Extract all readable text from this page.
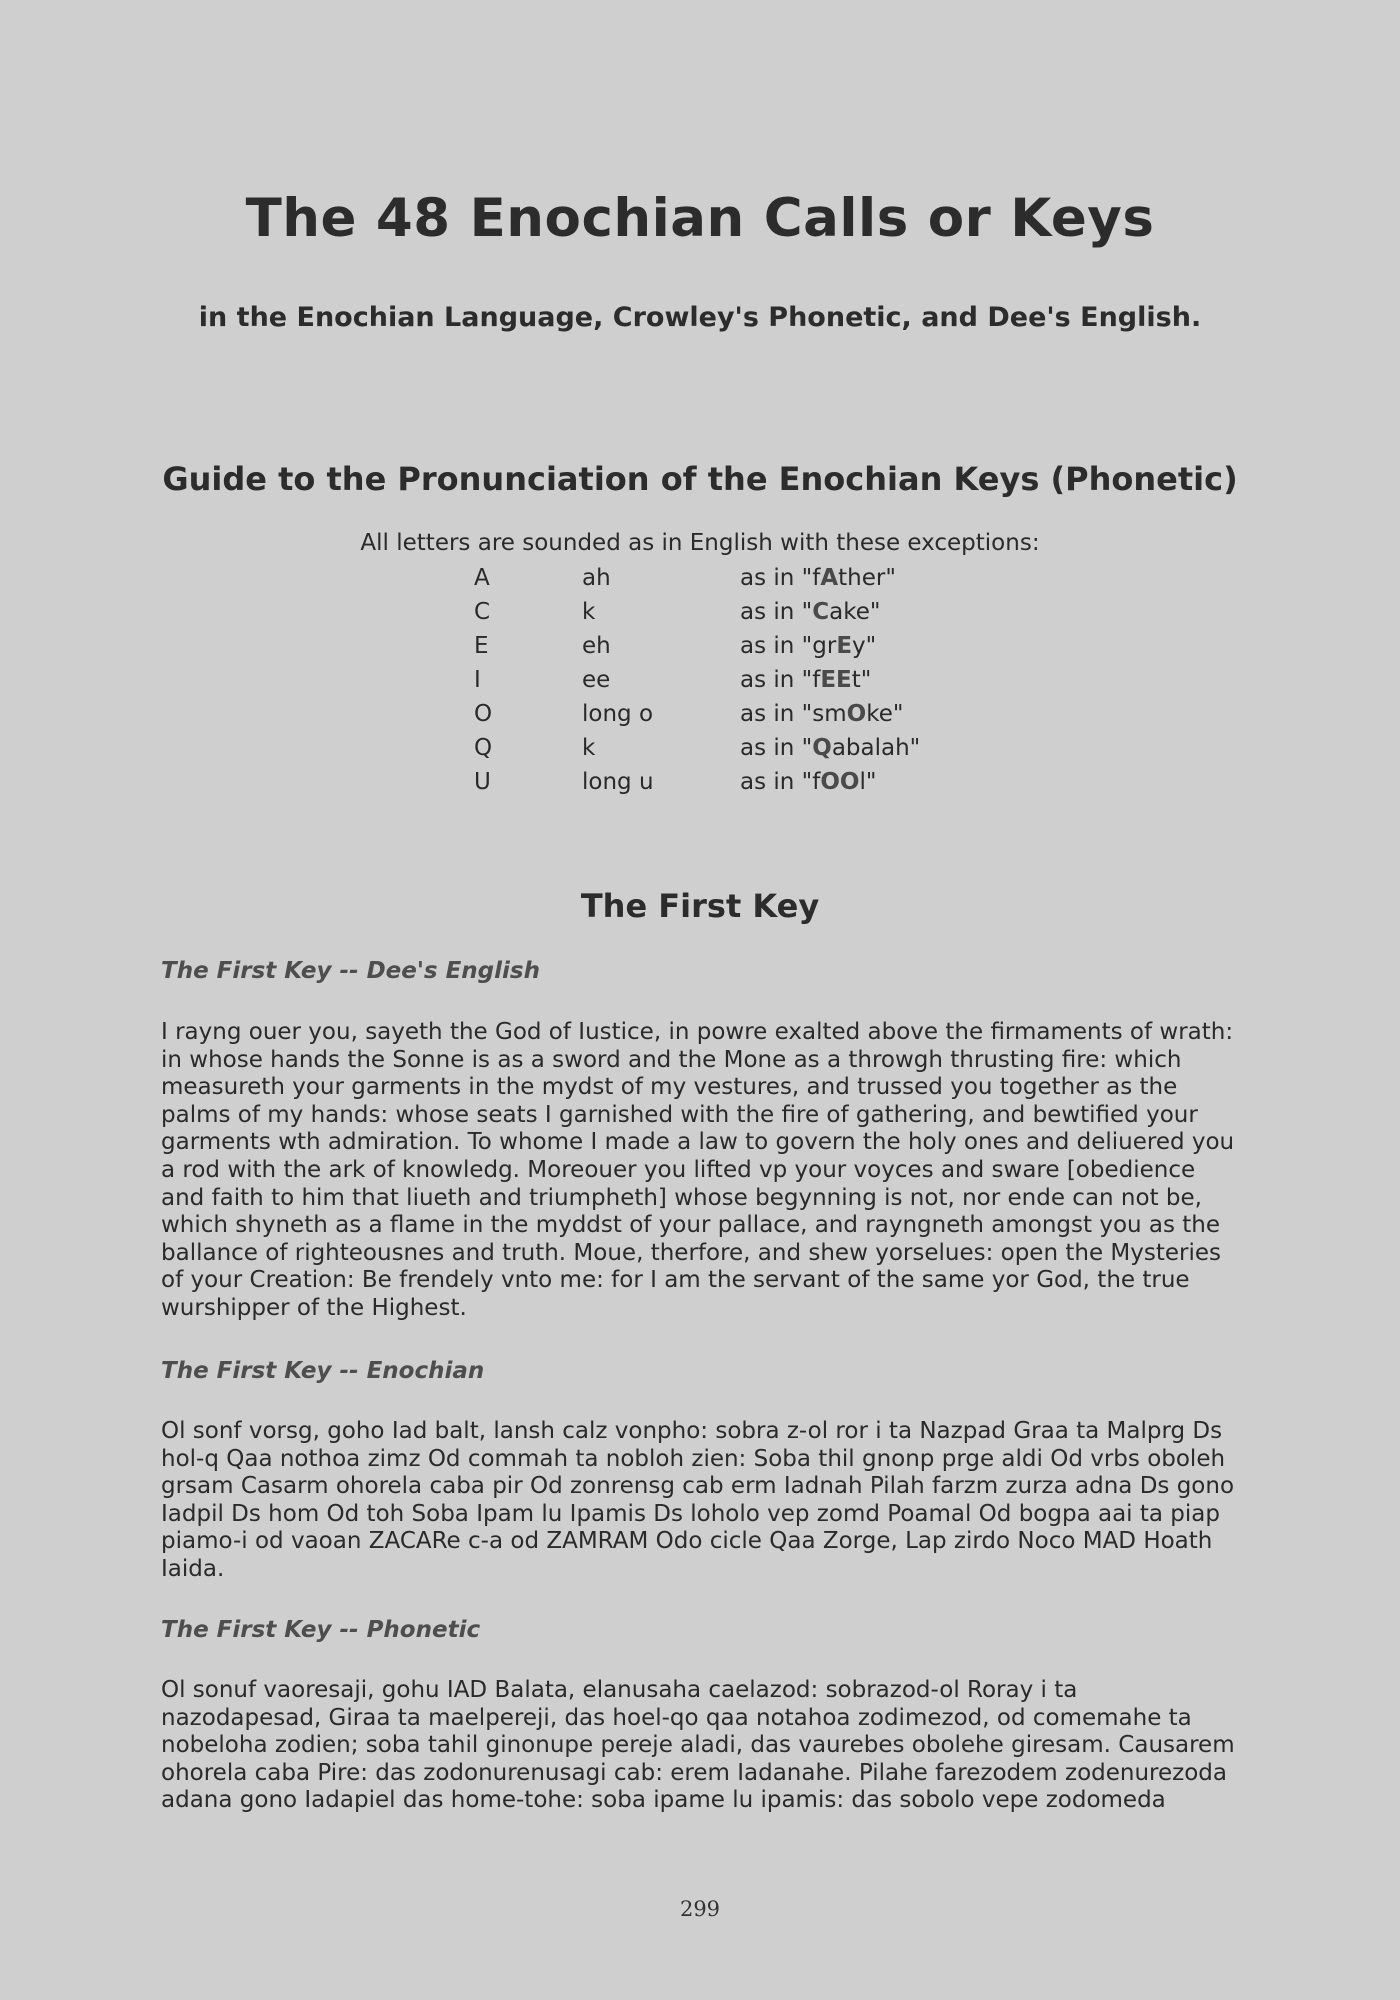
The 48 Enochian Calls or Keys
in the Enochian Language, Crowley's Phonetic, and Dee's English.
Guide to the Pronunciation of the Enochian Keys (Phonetic)
All letters are sounded as in English with these exceptions:
A	ah	as in "fAther"
C	k	as in "Cake"
E	eh	as in "grEy"
I	ee	as in "fEEt"
O	long o	as in "smOke"
Q	k	as in "Qabalah"
U	long u	as in "fOOl"
The First Key
The First Key -- Dee's English

I rayng ouer you, sayeth the God of Iustice, in powre exalted above the firmaments of wrath: in whose hands the Sonne is as a sword and the Mone as a throwgh thrusting fire: which measureth your garments in the mydst of my vestures, and trussed you together as the palms of my hands: whose seats I garnished with the fire of gathering, and bewtified your garments wth admiration. To whome I made a law to govern the holy ones and deliuered you a rod with the ark of knowledg. Moreouer you lifted vp your voyces and sware [obedience and faith to him that liueth and triumpheth] whose begynning is not, nor ende can not be, which shyneth as a flame in the myddst of your pallace, and rayngneth amongst you as the ballance of righteousnes and truth. Moue, therfore, and shew yorselues: open the Mysteries of your Creation: Be frendely vnto me: for I am the servant of the same yor God, the true wurshipper of the Highest.

The First Key -- Enochian

Ol sonf vorsg, goho Iad balt, lansh calz vonpho: sobra z-ol ror i ta Nazpad Graa ta Malprg Ds hol-q Qaa nothoa zimz Od commah ta nobloh zien: Soba thil gnonp prge aldi Od vrbs oboleh grsam Casarm ohorela caba pir Od zonrensg cab erm Iadnah Pilah farzm zurza adna Ds gono Iadpil Ds hom Od toh Soba Ipam lu Ipamis Ds loholo vep zomd Poamal Od bogpa aai ta piap piamo-i od vaoan ZACARe c-a od ZAMRAM Odo cicle Qaa Zorge, Lap zirdo Noco MAD Hoath Iaida.

The First Key -- Phonetic

Ol sonuf vaoresaji, gohu IAD Balata, elanusaha caelazod: sobrazod-ol Roray i ta nazodapesad, Giraa ta maelpereji, das hoel-qo qaa notahoa zodimezod, od comemahe ta nobeloha zodien; soba tahil ginonupe pereje aladi, das vaurebes obolehe giresam. Causarem ohorela caba Pire: das zodonurenusagi cab: erem Iadanahe. Pilahe farezodem zodenurezoda adana gono Iadapiel das home-tohe: soba ipame lu ipamis: das sobolo vepe zodomeda

299
